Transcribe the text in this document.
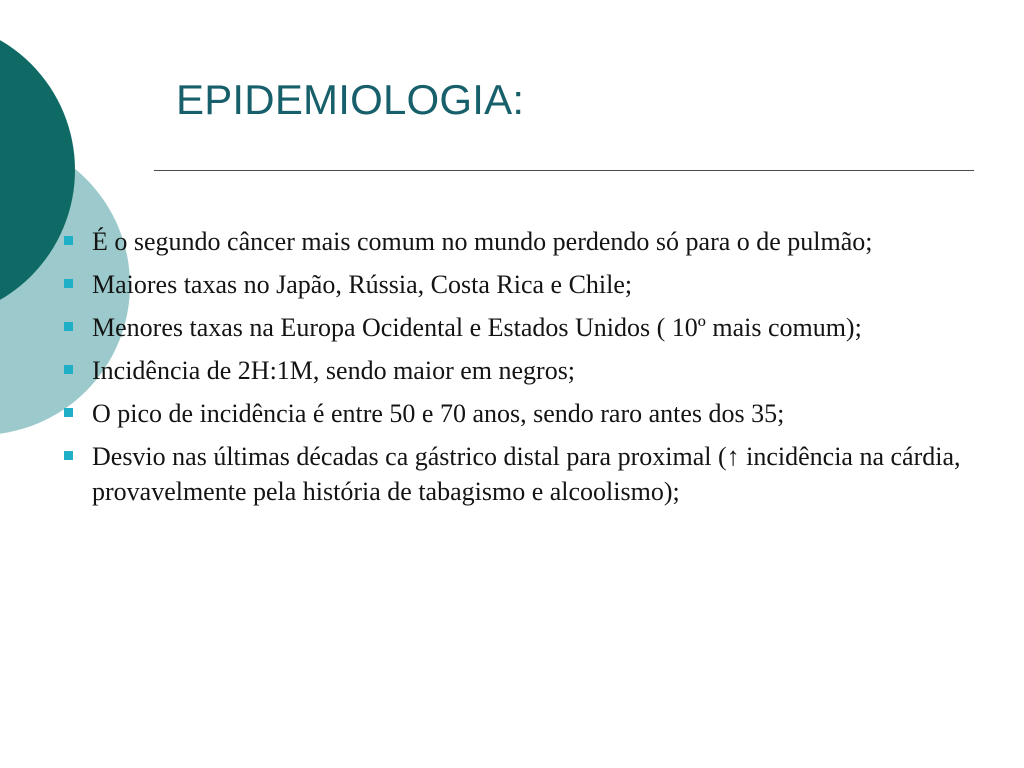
EPIDEMIOLOGIA:
É o segundo câncer mais comum no mundo perdendo só para o de pulmão;
Maiores taxas no Japão, Rússia, Costa Rica e Chile;
Menores taxas na Europa Ocidental e Estados Unidos ( 10º mais comum);
Incidência de 2H:1M, sendo maior em negros;
O pico de incidência é entre 50 e 70 anos, sendo raro antes dos 35;
Desvio nas últimas décadas ca gástrico distal para proximal (↑ incidência na cárdia, provavelmente pela história de tabagismo e alcoolismo);
